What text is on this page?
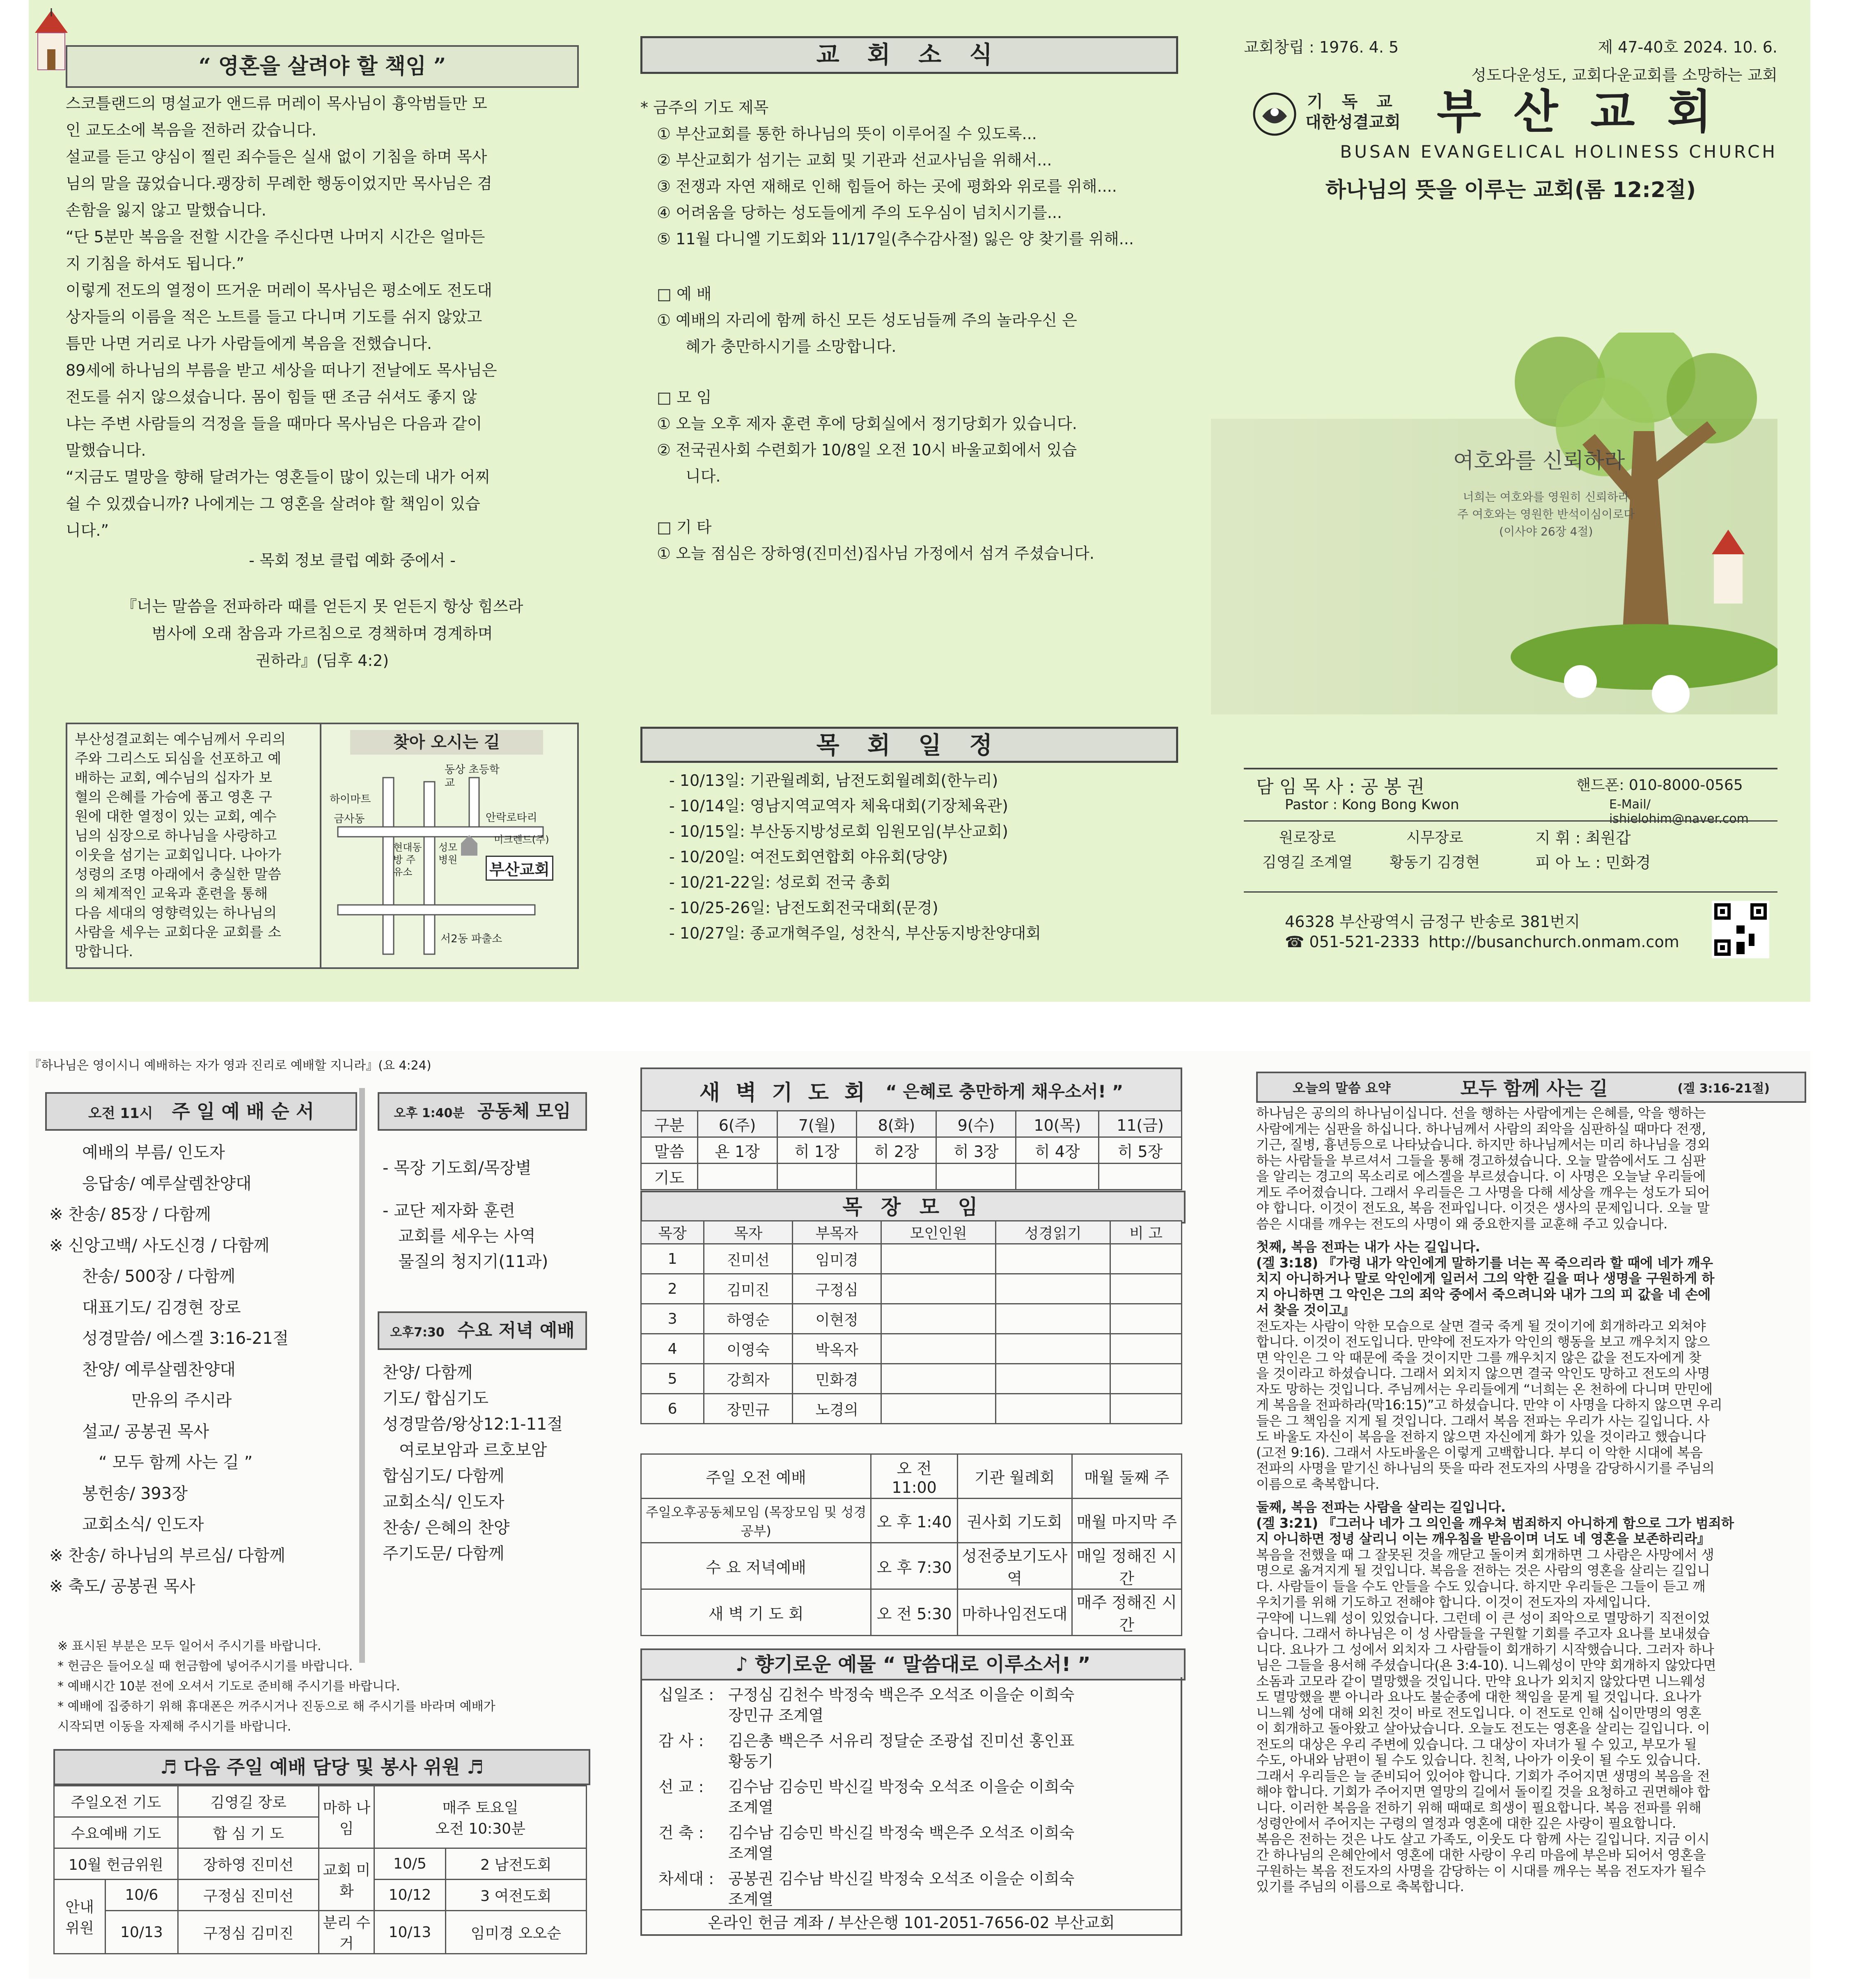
“ 영혼을 살려야 할 책임 ”
스코틀랜드의 명설교가 앤드류 머레이 목사님이 흉악범들만 모
인 교도소에 복음을 전하러 갔습니다.
설교를 듣고 양심이 찔린 죄수들은 실새 없이 기침을 하며 목사
님의 말을 끊었습니다.괭장히 무례한 행동이었지만 목사님은 겸
손함을 잃지 않고 말했습니다.
“단 5분만 복음을 전할 시간을 주신다면 나머지 시간은 얼마든
지 기침을 하셔도 됩니다.”
이렇게 전도의 열정이 뜨거운 머레이 목사님은 평소에도 전도대
상자들의 이름을 적은 노트를 들고 다니며 기도를 쉬지 않았고
틈만 나면 거리로 나가 사람들에게 복음을 전했습니다.
89세에 하나님의 부름을 받고 세상을 떠나기 전날에도 목사님은
전도를 쉬지 않으셨습니다. 몸이 힘들 땐 조금 쉬셔도 좋지 않
냐는 주변 사람들의 걱정을 들을 때마다 목사님은 다음과 같이
말했습니다.
“지금도 멸망을 향해 달려가는 영혼들이 많이 있는데 내가 어찌
쉴 수 있겠습니까? 나에게는 그 영혼을 살려야 할 책임이 있습
니다.”
- 목회 정보 클럽 예화 중에서 -
『너는 말씀을 전파하라 때를 얻든지 못 얻든지 항상 힘쓰라
범사에 오래 참음과 가르침으로 경책하며 경계하며
권하라』(딤후 4:2)
부산성결교회는 예수님께서 우리의
주와 그리스도 되심을 선포하고 예
배하는 교회, 예수님의 십자가 보
혈의 은혜를 가슴에 품고 영혼 구
원에 대한 열정이 있는 교회, 예수
님의 심장으로 하나님을 사랑하고
이웃을 섬기는 교회입니다. 나아가
성령의 조명 아래에서 충실한 말씀
의 체계적인 교육과 훈련을 통해
다음 세대의 영향력있는 하나님의
사람을 세우는 교회다운 교회를 소
망합니다.
찾아 오시는 길
하이마트
금사동
현대동방 주유소
성모 병원
동상 초등학교
안락로타리
미크렌드(주)
부산교회
서2동 파출소
교 회 소 식
* 금주의 기도 제목
① 부산교회를 통한 하나님의 뜻이 이루어질 수 있도록...
② 부산교회가 섬기는 교회 및 기관과 선교사님을 위해서...
③ 전쟁과 자연 재해로 인해 힘들어 하는 곳에 평화와 위로를 위해....
④ 어려움을 당하는 성도들에게 주의 도우심이 넘치시기를...
⑤ 11월 다니엘 기도회와 11/17일(추수감사절) 잃은 양 찾기를 위해...
□ 예 배
① 예배의 자리에 함께 하신 모든 성도님들께 주의 놀라우신 은
혜가 충만하시기를 소망합니다.
□ 모 임
① 오늘 오후 제자 훈련 후에 당회실에서 정기당회가 있습니다.
② 전국권사회 수련회가 10/8일 오전 10시 바울교회에서 있습
니다.
□ 기 타
① 오늘 점심은 장하영(진미선)집사님 가정에서 섬겨 주셨습니다.
목 회 일 정
- 10/13일: 기관월례회, 남전도회월례회(한누리)
- 10/14일: 영남지역교역자 체육대회(기장체육관)
- 10/15일: 부산동지방성로회 임원모임(부산교회)
- 10/20일: 여전도회연합회 야유회(당양)
- 10/21-22일: 성로회 전국 총회
- 10/25-26일: 남전도회전국대회(문경)
- 10/27일: 종교개혁주일, 성찬식, 부산동지방찬양대회
교회창립 : 1976. 4. 5	제 47-40호 2024. 10. 6.
성도다운성도, 교회다운교회를 소망하는 교회
기 독 교
대한성결교회 부 산 교 회
BUSAN EVANGELICAL HOLINESS CHURCH
하나님의 뜻을 이루는 교회(롬 12:2절)
여호와를 신뢰하라
너희는 여호와를 영원히 신뢰하라
주 여호와는 영원한 반석이심이로다
(이사야 26장 4절)
담 임 목 사 : 공 봉 권	핸드폰: 010-8000-0565
Pastor : Kong Bong Kwon	E-Mail/ ishielohim@naver.com
원로장로
김영길 조계열
시무장로
황동기 김경현
지 휘 : 최원갑
피 아 노 : 민화경
46328 부산광역시 금정구 반송로 381번지
☎ 051-521-2333 http://busanchurch.onmam.com
『하나님은 영이시니 예배하는 자가 영과 진리로 예배할 지니라』(요 4:24)
오전 11시 주 일 예 배 순 서
예배의 부름/ 인도자
응답송/ 예루살렘찬양대
※ 찬송/ 85장 / 다함께
※ 신앙고백/ 사도신경 / 다함께
찬송/ 500장 / 다함께
대표기도/ 김경현 장로
성경말씀/ 에스겔 3:16-21절
찬양/ 예루살렘찬양대
만유의 주시라
설교/ 공봉권 목사
“ 모두 함께 사는 길 ”
봉헌송/ 393장
교회소식/ 인도자
※ 찬송/ 하나님의 부르심/ 다함께
※ 축도/ 공봉권 목사
오후 1:40분 공동체 모임
- 목장 기도회/목장별
- 교단 제자화 훈련
교회를 세우는 사역
물질의 청지기(11과)
오후7:30 수요 저녁 예배
찬양/ 다함께
기도/ 합심기도
성경말씀/왕상12:1-11절
여로보암과 르호보암
합심기도/ 다함께
교회소식/ 인도자
찬송/ 은혜의 찬양
주기도문/ 다함께
※ 표시된 부분은 모두 일어서 주시기를 바랍니다.
* 헌금은 들어오실 때 헌금함에 넣어주시기를 바랍니다.
* 예배시간 10분 전에 오셔서 기도로 준비해 주시기를 바랍니다.
* 예배에 집중하기 위해 휴대폰은 꺼주시거나 진동으로 해 주시기를 바라며 예배가
시작되면 이동을 자제해 주시기를 바랍니다.
♬ 다음 주일 예배 담당 및 봉사 위원 ♬
주일오전 기도		김영길 장로	마하 나임	매주 토요일
오전 10:30분	

수요예배 기도		합 심 기 도			
10월 헌금위원		장하영 진미선	교회 미화	10/5	2 남전도회
안내 위원	10/6	구정심 진미선		10/12	3 여전도회
	10/13	구정심 김미진	분리 수거	10/13	임미경 오오순
새 벽 기 도 회 “ 은혜로 충만하게 채우소서! ”
구분	6(주)	7(월)	8(화)	9(수)	10(목)	11(금)
말씀	욘 1장	히 1장	히 2장	히 3장	히 4장	히 5장
기도						
목 장 모 임
목장	목자	부목자	모인인원	성경읽기	비 고
1	진미선	임미경			
2	김미진	구정심			
3	하영순	이현정			
4	이영숙	박옥자			
5	강희자	민화경			
6	장민규	노경의			
주일 오전 예배	오 전 11:00	기관 월례회	매월 둘째 주
주일오후공동체모임 (목장모임 및 성경공부)	오 후 1:40	권사회 기도회	매월 마지막 주
수 요 저녁예배	오 후 7:30	성전중보기도사역	매일 정해진 시간
새 벽 기 도 회	오 전 5:30	마하나임전도대	매주 정해진 시간
♪ 향기로운 예물 “ 말씀대로 이루소서! ”
십일조 : 구정심 김천수 박정숙 백은주 오석조 이을순 이희숙
장민규 조계열
감 사 :	김은총 백은주 서유리 정달순 조광섭 진미선 홍인표
황동기
선 교 :	김수남 김승민 박신길 박정숙 오석조 이을순 이희숙
조계열
건 축 :	김수남 김승민 박신길 박정숙 백은주 오석조 이희숙
조계열
차세대 : 공봉권 김수남 박신길 박정숙 오석조 이을순 이희숙
조계열
온라인 헌금 계좌 / 부산은행 101-2051-7656-02 부산교회
오늘의 말씀 요약	모두 함께 사는 길	(겔 3:16-21절)
하나님은 공의의 하나님이십니다. 선을 행하는 사람에게는 은혜를, 악을 행하는
사람에게는 심판을 하십니다. 하나님께서 사람의 죄악을 심판하실 때마다 전쟁,
기근, 질병, 흉년등으로 나타났습니다. 하지만 하나님께서는 미리 하나님을 경외
하는 사람들을 부르셔서 그들을 통해 경고하셨습니다. 오늘 말씀에서도 그 심판
을 알리는 경고의 목소리로 에스겔을 부르셨습니다. 이 사명은 오늘날 우리들에
게도 주어졌습니다. 그래서 우리들은 그 사명을 다해 세상을 깨우는 성도가 되어
야 합니다. 이것이 전도요, 복음 전파입니다. 이것은 생사의 문제입니다. 오늘 말
씀은 시대를 깨우는 전도의 사명이 왜 중요한지를 교훈해 주고 있습니다.
첫째, 복음 전파는 내가 사는 길입니다.
(겔 3:18) 『가령 내가 악인에게 말하기를 너는 꼭 죽으리라 할 때에 네가 깨우
치지 아니하거나 말로 악인에게 일러서 그의 악한 길을 떠나 생명을 구원하게 하
지 아니하면 그 악인은 그의 죄악 중에서 죽으려니와 내가 그의 피 값을 네 손에
서 찾을 것이고』
전도자는 사람이 악한 모습으로 살면 결국 죽게 될 것이기에 회개하라고 외쳐야
합니다. 이것이 전도입니다. 만약에 전도자가 악인의 행동을 보고 깨우치지 않으
면 악인은 그 악 때문에 죽을 것이지만 그를 깨우치지 않은 값을 전도자에게 찾
을 것이라고 하셨습니다. 그래서 외치지 않으면 결국 악인도 망하고 전도의 사명
자도 망하는 것입니다. 주님께서는 우리들에게 “너희는 온 천하에 다니며 만민에
게 복음을 전파하라(막16:15)”고 하셨습니다. 만약 이 사명을 다하지 않으면 우리
들은 그 책임을 지게 될 것입니다. 그래서 복음 전파는 우리가 사는 길입니다. 사
도 바울도 자신이 복음을 전하지 않으면 자신에게 화가 있을 것이라고 했습니다
(고전 9:16). 그래서 사도바울은 이렇게 고백합니다. 부디 이 악한 시대에 복음
전파의 사명을 맡기신 하나님의 뜻을 따라 전도자의 사명을 감당하시기를 주님의
이름으로 축복합니다.
둘째, 복음 전파는 사람을 살리는 길입니다.
(겔 3:21) 『그러나 네가 그 의인을 깨우쳐 범죄하지 아니하게 함으로 그가 범죄하
지 아니하면 정녕 살리니 이는 깨우침을 받음이며 너도 네 영혼을 보존하리라』
복음을 전했을 때 그 잘못된 것을 깨닫고 돌이켜 회개하면 그 사람은 사망에서 생
명으로 옮겨지게 될 것입니다. 복음을 전하는 것은 사람의 영혼을 살리는 길입니
다. 사람들이 들을 수도 안들을 수도 있습니다. 하지만 우리들은 그들이 듣고 깨
우치기를 위해 기도하고 전해야 합니다. 이것이 전도자의 자세입니다.
구약에 니느웨 성이 있었습니다. 그런데 이 큰 성이 죄악으로 멸망하기 직전이었
습니다. 그래서 하나님은 이 성 사람들을 구원할 기회를 주고자 요나를 보내셨습
니다. 요나가 그 성에서 외치자 그 사람들이 회개하기 시작했습니다. 그러자 하나
님은 그들을 용서해 주셨습니다(욘 3:4-10). 니느웨성이 만약 회개하지 않았다면
소돔과 고모라 같이 멸망했을 것입니다. 만약 요나가 외치지 않았다면 니느웨성
도 멸망했을 뿐 아니라 요나도 불순종에 대한 책임을 묻게 될 것입니다. 요나가
니느웨 성에 대해 외친 것이 바로 전도입니다. 이 전도로 인해 십이만명의 영혼
이 회개하고 돌아왔고 살아났습니다. 오늘도 전도는 영혼을 살리는 길입니다. 이
전도의 대상은 우리 주변에 있습니다. 그 대상이 자녀가 될 수 있고, 부모가 될
수도, 아내와 남편이 될 수도 있습니다. 친척, 나아가 이웃이 될 수도 있습니다.
그래서 우리들은 늘 준비되어 있어야 합니다. 기회가 주어지면 생명의 복음을 전
해야 합니다. 기회가 주어지면 열망의 길에서 돌이킬 것을 요청하고 권면해야 합
니다. 이러한 복음을 전하기 위해 때때로 희생이 필요합니다. 복음 전파를 위해
성령안에서 주어지는 구령의 열정과 영혼에 대한 깊은 사랑이 필요합니다.
복음은 전하는 것은 나도 살고 가족도, 이웃도 다 함께 사는 길입니다. 지금 이시
간 하나님의 은혜안에서 영혼에 대한 사랑이 우리 마음에 부은바 되어서 영혼을
구원하는 복음 전도자의 사명을 감당하는 이 시대를 깨우는 복음 전도자가 될수
있기를 주님의 이름으로 축복합니다.
